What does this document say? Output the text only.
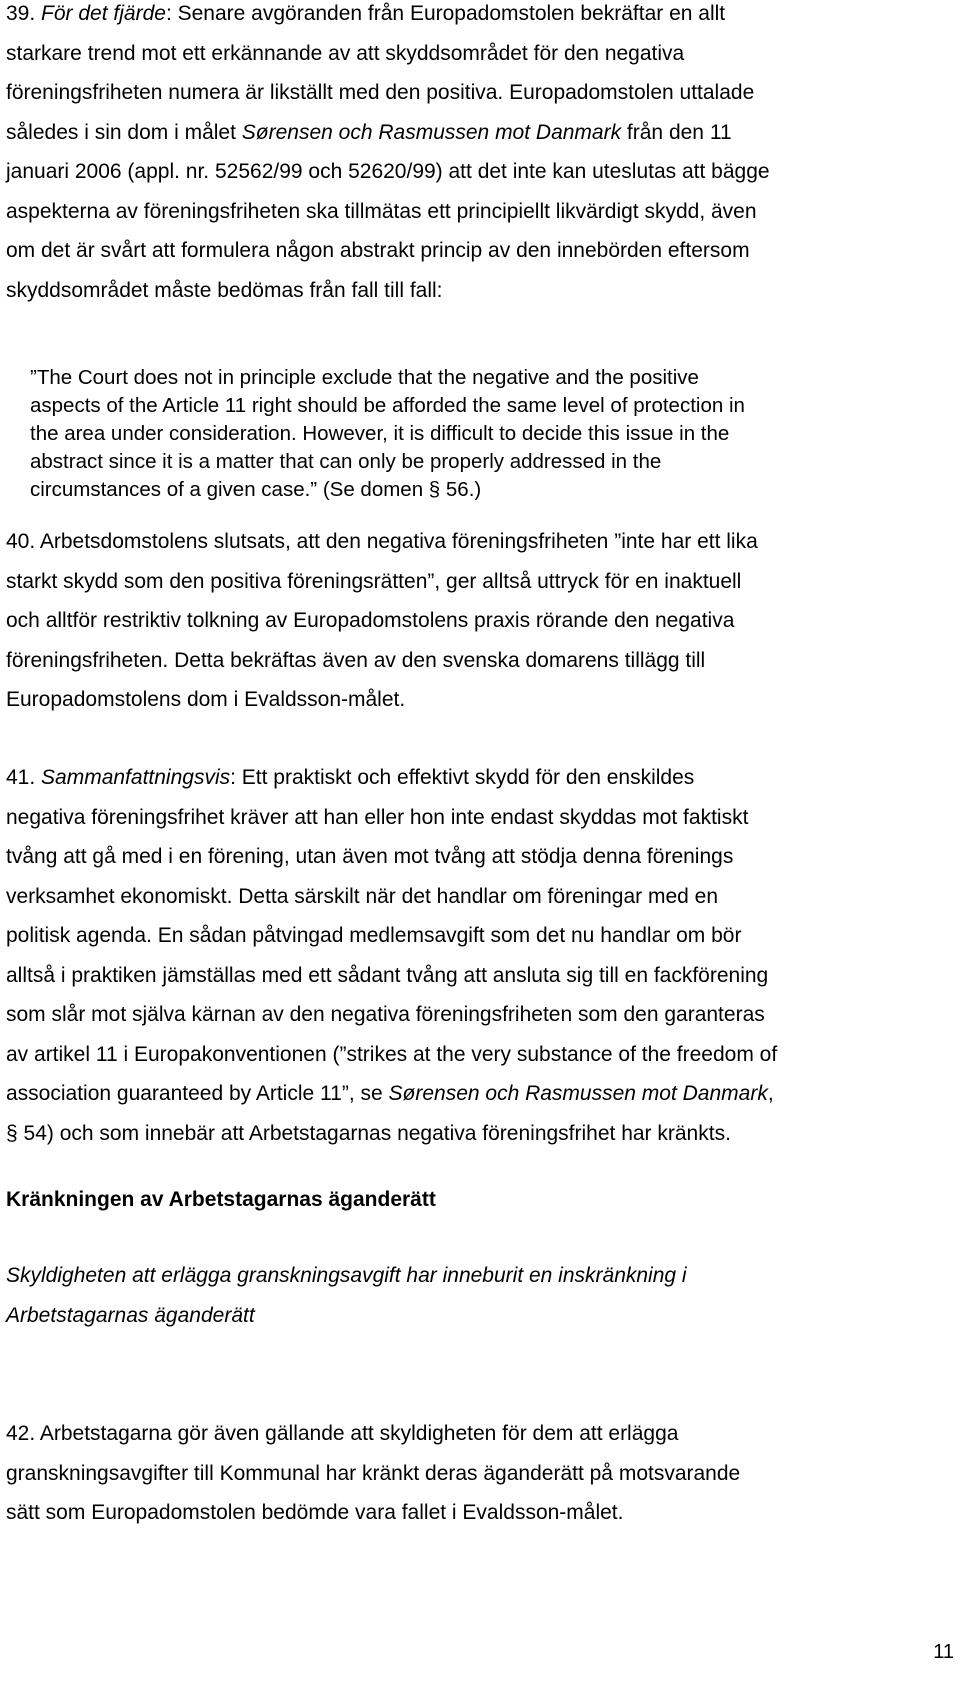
39. För det fjärde: Senare avgöranden från Europadomstolen bekräftar en allt
starkare trend mot ett erkännande av att skyddsområdet för den negativa
föreningsfriheten numera är likställt med den positiva. Europadomstolen uttalade
således i sin dom i målet Sørensen och Rasmussen mot Danmark från den 11
januari 2006 (appl. nr. 52562/99 och 52620/99) att det inte kan uteslutas att bägge
aspekterna av föreningsfriheten ska tillmätas ett principiellt likvärdigt skydd, även
om det är svårt att formulera någon abstrakt princip av den innebörden eftersom
skyddsområdet måste bedömas från fall till fall:
”The Court does not in principle exclude that the negative and the positive
aspects of the Article 11 right should be afforded the same level of protection in
the area under consideration. However, it is difficult to decide this issue in the
abstract since it is a matter that can only be properly addressed in the
circumstances of a given case.” (Se domen § 56.)
40. Arbetsdomstolens slutsats, att den negativa föreningsfriheten ”inte har ett lika
starkt skydd som den positiva föreningsrätten”, ger alltså uttryck för en inaktuell
och alltför restriktiv tolkning av Europadomstolens praxis rörande den negativa
föreningsfriheten. Detta bekräftas även av den svenska domarens tillägg till
Europadomstolens dom i Evaldsson-målet.
41. Sammanfattningsvis: Ett praktiskt och effektivt skydd för den enskildes
negativa föreningsfrihet kräver att han eller hon inte endast skyddas mot faktiskt
tvång att gå med i en förening, utan även mot tvång att stödja denna förenings
verksamhet ekonomiskt. Detta särskilt när det handlar om föreningar med en
politisk agenda. En sådan påtvingad medlemsavgift som det nu handlar om bör
alltså i praktiken jämställas med ett sådant tvång att ansluta sig till en fackförening
som slår mot själva kärnan av den negativa föreningsfriheten som den garanteras
av artikel 11 i Europakonventionen (”strikes at the very substance of the freedom of
association guaranteed by Article 11”, se Sørensen och Rasmussen mot Danmark,
§ 54) och som innebär att Arbetstagarnas negativa föreningsfrihet har kränkts.
Kränkningen av Arbetstagarnas äganderätt
Skyldigheten att erlägga granskningsavgift har inneburit en inskränkning i
Arbetstagarnas äganderätt
42. Arbetstagarna gör även gällande att skyldigheten för dem att erlägga
granskningsavgifter till Kommunal har kränkt deras äganderätt på motsvarande
sätt som Europadomstolen bedömde vara fallet i Evaldsson-målet.
11
